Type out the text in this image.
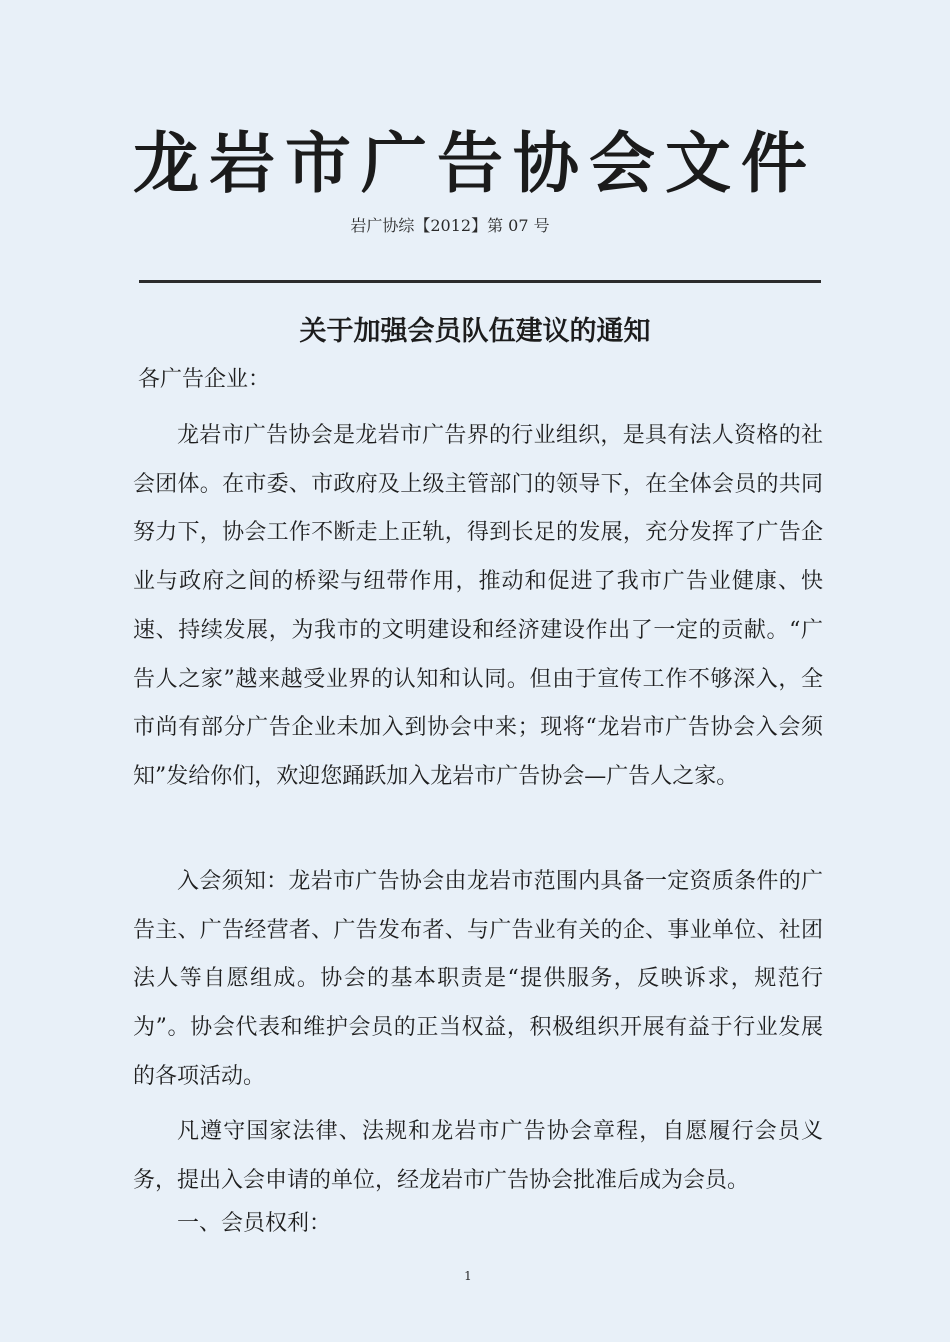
龙岩市广告协会文件
岩广协综【2012】第 07 号
关于加强会员队伍建议的通知
各广告企业：

龙岩市广告协会是龙岩市广告界的行业组织，是具有法人资格的社会团体。在市委、市政府及上级主管部门的领导下，在全体会员的共同努力下，协会工作不断走上正轨，得到长足的发展，充分发挥了广告企业与政府之间的桥梁与纽带作用，推动和促进了我市广告业健康、快速、持续发展，为我市的文明建设和经济建设作出了一定的贡献。“广告人之家”越来越受业界的认知和认同。但由于宣传工作不够深入，全市尚有部分广告企业未加入到协会中来；现将“龙岩市广告协会入会须知”发给你们，欢迎您踊跃加入龙岩市广告协会—广告人之家。

入会须知：龙岩市广告协会由龙岩市范围内具备一定资质条件的广告主、广告经营者、广告发布者、与广告业有关的企、事业单位、社团法人等自愿组成。协会的基本职责是“提供服务，反映诉求，规范行为”。协会代表和维护会员的正当权益，积极组织开展有益于行业发展的各项活动。

凡遵守国家法律、法规和龙岩市广告协会章程，自愿履行会员义务，提出入会申请的单位，经龙岩市广告协会批准后成为会员。

一、会员权利：
1
